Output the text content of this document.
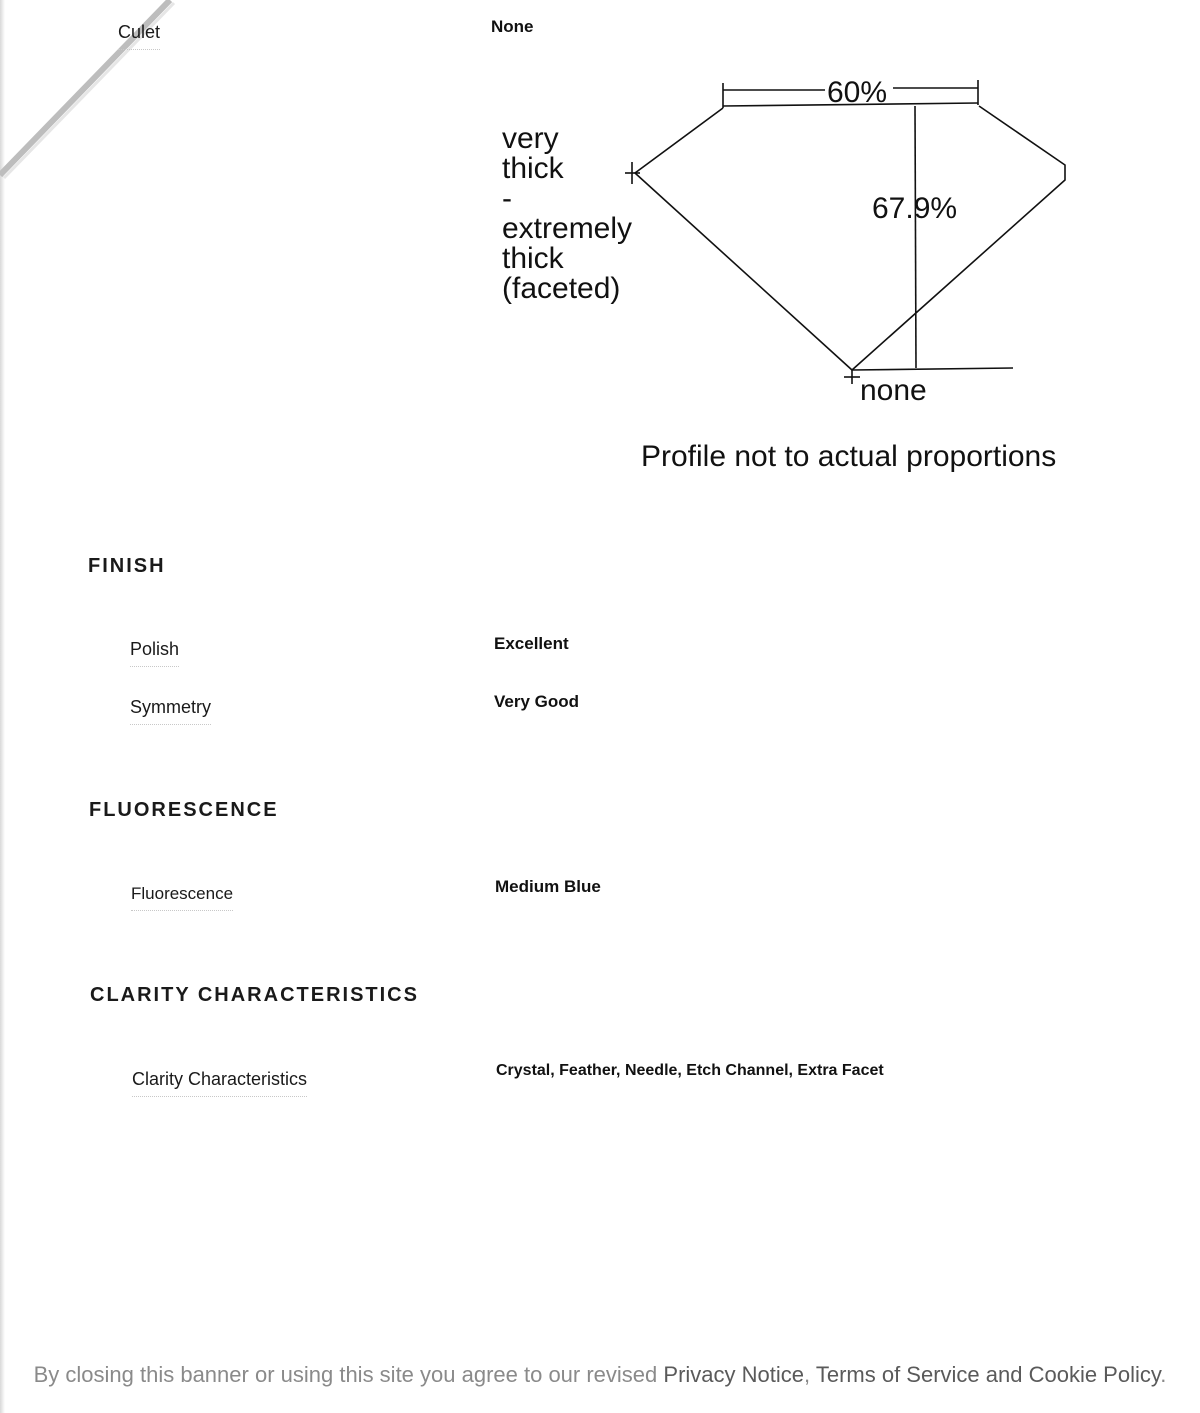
Culet	None
60%
67.9%
very
thick
-
extremely
thick
(faceted)
none
Profile not to actual proportions
FINISH
Polish	Excellent
Symmetry	Very Good
FLUORESCENCE
Fluorescence	Medium Blue
CLARITY CHARACTERISTICS
Clarity Characteristics	Crystal, Feather, Needle, Etch Channel, Extra Facet
By closing this banner or using this site you agree to our revised Privacy Notice, Terms of Service and Cookie Policy.
